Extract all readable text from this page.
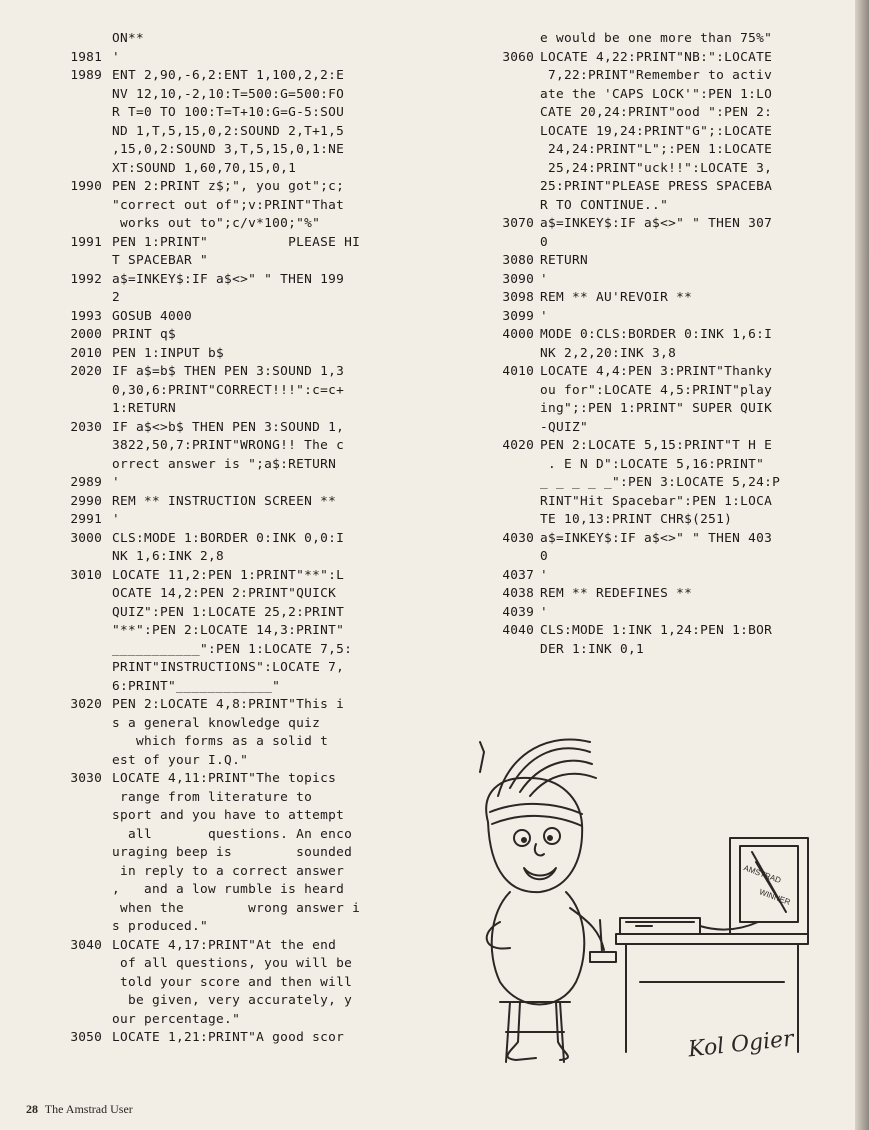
ON**
1981 '
1989 ENT 2,90,-6,2:ENT 1,100,2,2:E
NV 12,10,-2,10:T=500:G=500:FO
R T=0 TO 100:T=T+10:G=G-5:SOU
ND 1,T,5,15,0,2:SOUND 2,T+1,5
,15,0,2:SOUND 3,T,5,15,0,1:NE
XT:SOUND 1,60,70,15,0,1
1990 PEN 2:PRINT z$;", you got";c;
"correct out of";v:PRINT"That
works out to";c/v*100;"%"
1991 PEN 1:PRINT"          PLEASE HI
T SPACEBAR "
1992 a$=INKEY$:IF a$<>" " THEN 199
2
1993 GOSUB 4000
2000 PRINT q$
2010 PEN 1:INPUT b$
2020 IF a$=b$ THEN PEN 3:SOUND 1,3
0,30,6:PRINT"CORRECT!!!":c=c+
1:RETURN
2030 IF a$<>b$ THEN PEN 3:SOUND 1,
3822,50,7:PRINT"WRONG!! The c
orrect answer is ";a$:RETURN
2989 '
2990 REM ** INSTRUCTION SCREEN **
2991 '
3000 CLS:MODE 1:BORDER 0:INK 0,0:I
NK 1,6:INK 2,8
3010 LOCATE 11,2:PEN 1:PRINT"**":L
OCATE 14,2:PEN 2:PRINT"QUICK
QUIZ":PEN 1:LOCATE 25,2:PRINT
"**":PEN 2:LOCATE 14,3:PRINT"
___________":PEN 1:LOCATE 7,5:
PRINT"INSTRUCTIONS":LOCATE 7,
6:PRINT"____________"
3020 PEN 2:LOCATE 4,8:PRINT"This i
s a general knowledge quiz
which forms as a solid t
est of your I.Q."
3030 LOCATE 4,11:PRINT"The topics
range from literature to
sport and you have to attempt
all       questions. An enco
uraging beep is        sounded
in reply to a correct answer
,   and a low rumble is heard
when the        wrong answer i
s produced."
3040 LOCATE 4,17:PRINT"At the end
of all questions, you will be
told your score and then will
be given, very accurately, y
our percentage."
3050 LOCATE 1,21:PRINT"A good scor
e would be one more than 75%"
3060 LOCATE 4,22:PRINT"NB:":LOCATE
7,22:PRINT"Remember to activ
ate the 'CAPS LOCK'":PEN 1:LO
CATE 20,24:PRINT"ood ":PEN 2:
LOCATE 19,24:PRINT"G";:LOCATE
24,24:PRINT"L";:PEN 1:LOCATE
25,24:PRINT"uck!!":LOCATE 3,
25:PRINT"PLEASE PRESS SPACEBA
R TO CONTINUE.."
3070 a$=INKEY$:IF a$<>" " THEN 307
0
3080 RETURN
3090 '
3098 REM ** AU'REVOIR **
3099 '
4000 MODE 0:CLS:BORDER 0:INK 1,6:I
NK 2,2,20:INK 3,8
4010 LOCATE 4,4:PEN 3:PRINT"Thanky
ou for":LOCATE 4,5:PRINT"play
ing";:PEN 1:PRINT" SUPER QUIK
-QUIZ"
4020 PEN 2:LOCATE 5,15:PRINT"T H E
. E N D":LOCATE 5,16:PRINT"
_ _ _ _ _":PEN 3:LOCATE 5,24:P
RINT"Hit Spacebar":PEN 1:LOCA
TE 10,13:PRINT CHR$(251)
4030 a$=INKEY$:IF a$<>" " THEN 403
0
4037 '
4038 REM ** REDEFINES **
4039 '
4040 CLS:MODE 1:INK 1,24:PEN 1:BOR
DER 1:INK 0,1
AMSTRAD
WINNER
Kol Ogier
28 The Amstrad User
